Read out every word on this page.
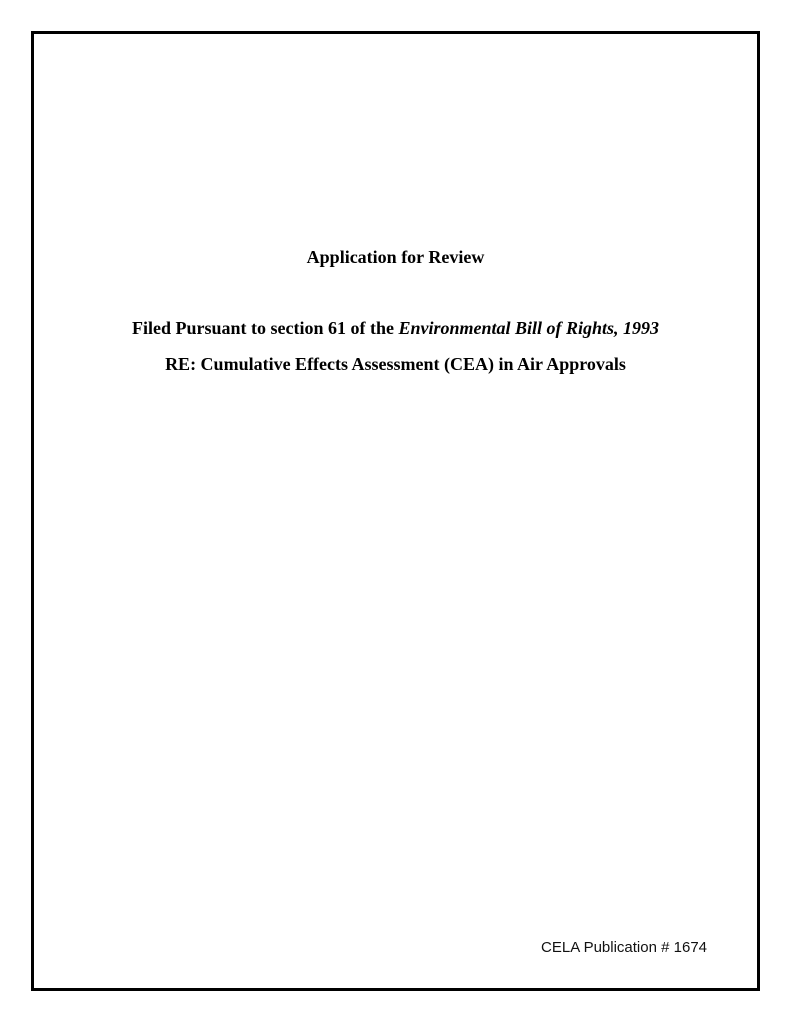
Application for Review
Filed Pursuant to section 61 of the Environmental Bill of Rights, 1993
RE: Cumulative Effects Assessment (CEA) in Air Approvals
CELA Publication # 1674
